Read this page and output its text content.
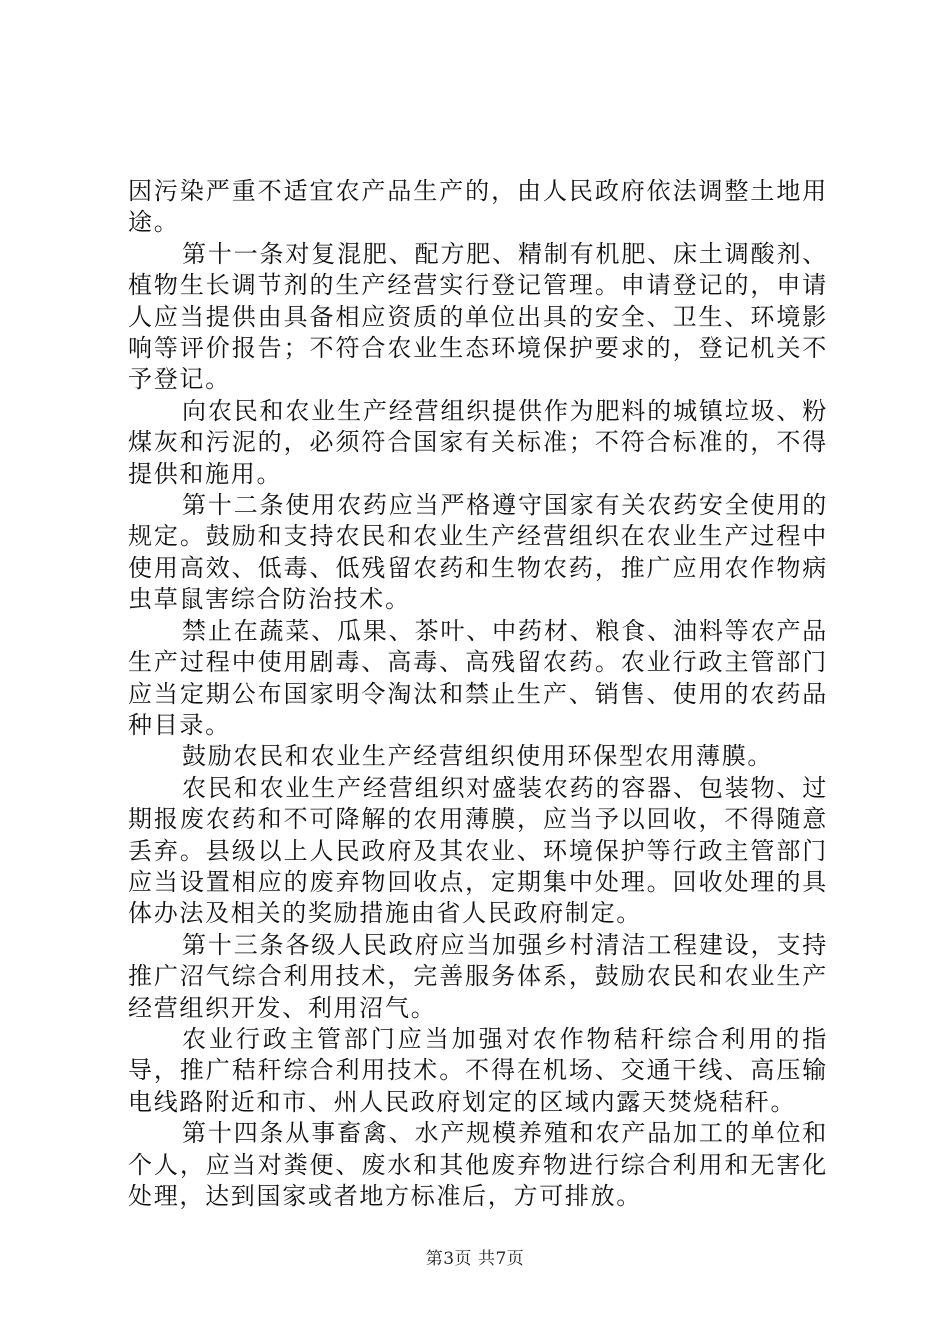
因污染严重不适宜农产品生产的，由人民政府依法调整土地用途。

第十一条对复混肥、配方肥、精制有机肥、床土调酸剂、植物生长调节剂的生产经营实行登记管理。申请登记的，申请人应当提供由具备相应资质的单位出具的安全、卫生、环境影响等评价报告；不符合农业生态环境保护要求的，登记机关不予登记。

向农民和农业生产经营组织提供作为肥料的城镇垃圾、粉煤灰和污泥的，必须符合国家有关标准；不符合标准的，不得提供和施用。

第十二条使用农药应当严格遵守国家有关农药安全使用的规定。鼓励和支持农民和农业生产经营组织在农业生产过程中使用高效、低毒、低残留农药和生物农药，推广应用农作物病虫草鼠害综合防治技术。

禁止在蔬菜、瓜果、茶叶、中药材、粮食、油料等农产品生产过程中使用剧毒、高毒、高残留农药。农业行政主管部门应当定期公布国家明令淘汰和禁止生产、销售、使用的农药品种目录。

鼓励农民和农业生产经营组织使用环保型农用薄膜。

农民和农业生产经营组织对盛装农药的容器、包装物、过期报废农药和不可降解的农用薄膜，应当予以回收，不得随意丢弃。县级以上人民政府及其农业、环境保护等行政主管部门应当设置相应的废弃物回收点，定期集中处理。回收处理的具体办法及相关的奖励措施由省人民政府制定。

第十三条各级人民政府应当加强乡村清洁工程建设，支持推广沼气综合利用技术，完善服务体系，鼓励农民和农业生产经营组织开发、利用沼气。

农业行政主管部门应当加强对农作物秸秆综合利用的指导，推广秸秆综合利用技术。不得在机场、交通干线、高压输电线路附近和市、州人民政府划定的区域内露天焚烧秸秆。

第十四条从事畜禽、水产规模养殖和农产品加工的单位和个人，应当对粪便、废水和其他废弃物进行综合利用和无害化处理，达到国家或者地方标准后，方可排放。

第3页 共7页
